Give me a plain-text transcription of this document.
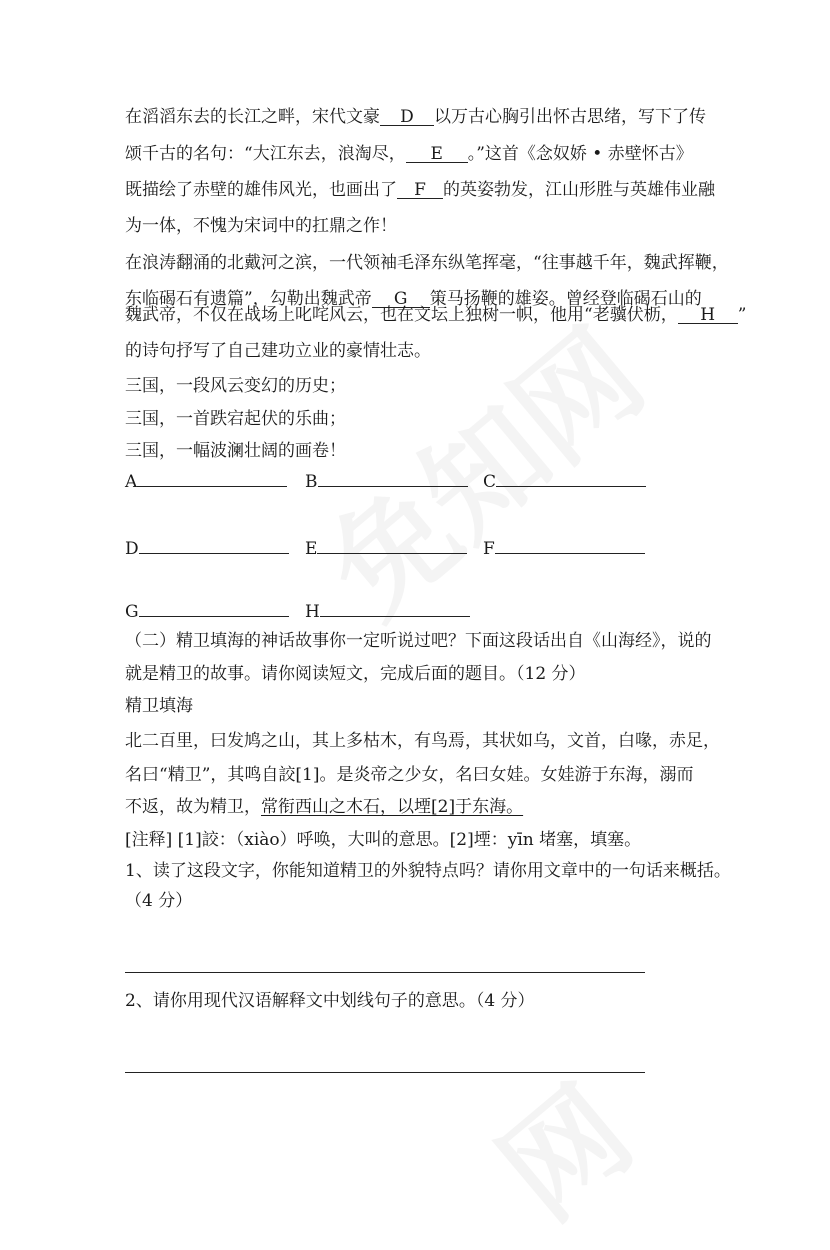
在滔滔东去的长江之畔，宋代文豪 D 以万古心胸引出怀古思绪，写下了传
颂千古的名句：“大江东去，浪淘尽， E 。”这首《念奴娇 • 赤壁怀古》
既描绘了赤壁的雄伟风光，也画出了 F 的英姿勃发，江山形胜与英雄伟业融
为一体，不愧为宋词中的扛鼎之作！
在浪涛翻涌的北戴河之滨，一代领袖毛泽东纵笔挥毫，“往事越千年，魏武挥鞭，
东临碣石有遗篇”，勾勒出魏武帝 G 策马扬鞭的雄姿。曾经登临碣石山的
魏武帝，不仅在战场上叱咤风云，也在文坛上独树一帜，他用“老骥伏枥， H ”
的诗句抒写了自己建功立业的豪情壮志。
三国，一段风云变幻的历史；
三国，一首跌宕起伏的乐曲；
三国，一幅波澜壮阔的画卷！
A	B	C
D	E	F
G	H
（二）精卫填海的神话故事你一定听说过吧？下面这段话出自《山海经》，说的
就是精卫的故事。请你阅读短文，完成后面的题目。（12 分）
精卫填海
北二百里，曰发鸠之山，其上多枯木，有鸟焉，其状如乌，文首，白喙，赤足，
名曰“精卫”，其鸣自詨[1]。是炎帝之少女，名曰女娃。女娃游于东海，溺而
不返，故为精卫，常衔西山之木石，以堙[2]于东海。
[注释] [1]詨：（xiào）呼唤，大叫的意思。[2]堙：yīn 堵塞，填塞。
1、读了这段文字，你能知道精卫的外貌特点吗？请你用文章中的一句话来概括。
（4 分）
2、请你用现代汉语解释文中划线句子的意思。（4 分）
